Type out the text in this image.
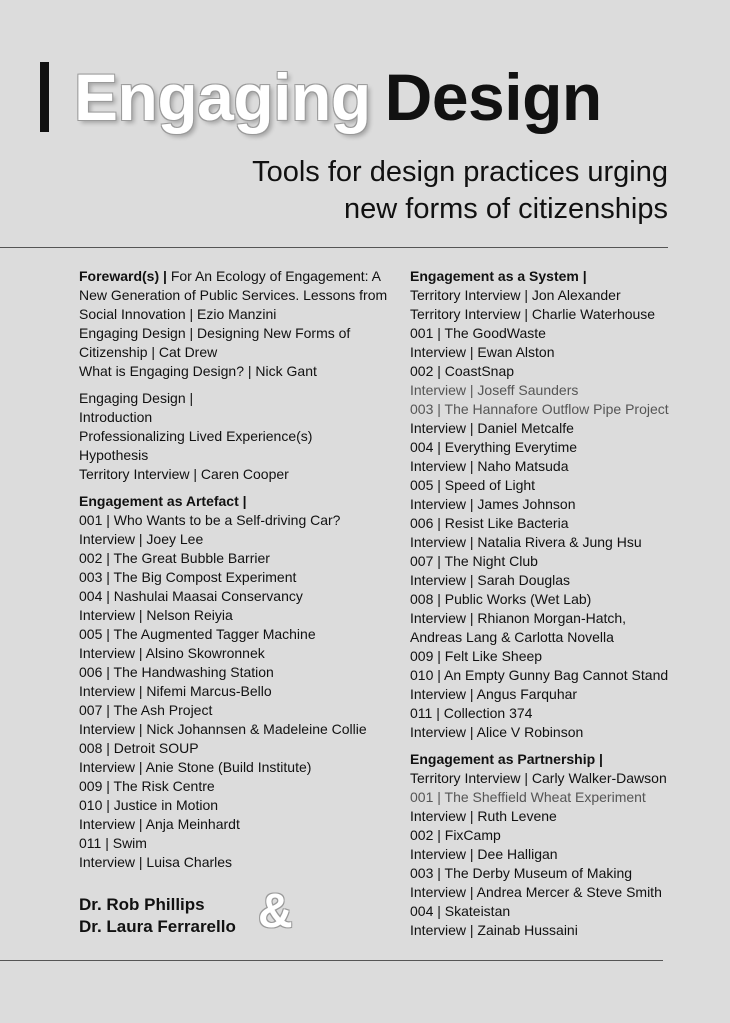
Engaging Design
Tools for design practices urging
new forms of citizenships
Foreward(s) | For An Ecology of Engagement: A New Generation of Public Services. Lessons from Social Innovation | Ezio Manzini
Engaging Design | Designing New Forms of Citizenship | Cat Drew
What is Engaging Design? | Nick Gant
Engaging Design |
Introduction
Professionalizing Lived Experience(s)
Hypothesis
Territory Interview | Caren Cooper
Engagement as Artefact |
001 | Who Wants to be a Self-driving Car?
Interview | Joey Lee
002 | The Great Bubble Barrier
003 | The Big Compost Experiment
004 | Nashulai Maasai Conservancy
Interview | Nelson Reiyia
005 | The Augmented Tagger Machine
Interview | Alsino Skowronnek
006 | The Handwashing Station
Interview | Nifemi Marcus-Bello
007 | The Ash Project
Interview | Nick Johannsen & Madeleine Collie
008 | Detroit SOUP
Interview | Anie Stone (Build Institute)
009 | The Risk Centre
010 | Justice in Motion
Interview | Anja Meinhardt
011 | Swim
Interview | Luisa Charles
Engagement as a System |
Territory Interview | Jon Alexander
Territory Interview | Charlie Waterhouse
001 | The GoodWaste
Interview | Ewan Alston
002 | CoastSnap
Interview | Joseff Saunders
003 | The Hannafore Outflow Pipe Project
Interview | Daniel Metcalfe
004 | Everything Everytime
Interview | Naho Matsuda
005 | Speed of Light
Interview | James Johnson
006 | Resist Like Bacteria
Interview | Natalia Rivera & Jung Hsu
007 | The Night Club
Interview | Sarah Douglas
008 | Public Works (Wet Lab)
Interview | Rhianon Morgan-Hatch,
Andreas Lang & Carlotta Novella
009 | Felt Like Sheep
010 | An Empty Gunny Bag Cannot Stand
Interview | Angus Farquhar
011 | Collection 374
Interview | Alice V Robinson
Engagement as Partnership |
Territory Interview | Carly Walker-Dawson
001 | The Sheffield Wheat Experiment
Interview | Ruth Levene
002 | FixCamp
Interview | Dee Halligan
003 | The Derby Museum of Making
Interview | Andrea Mercer & Steve Smith
004 | Skateistan
Interview | Zainab Hussaini
Dr. Rob Phillips
Dr. Laura Ferrarello &
